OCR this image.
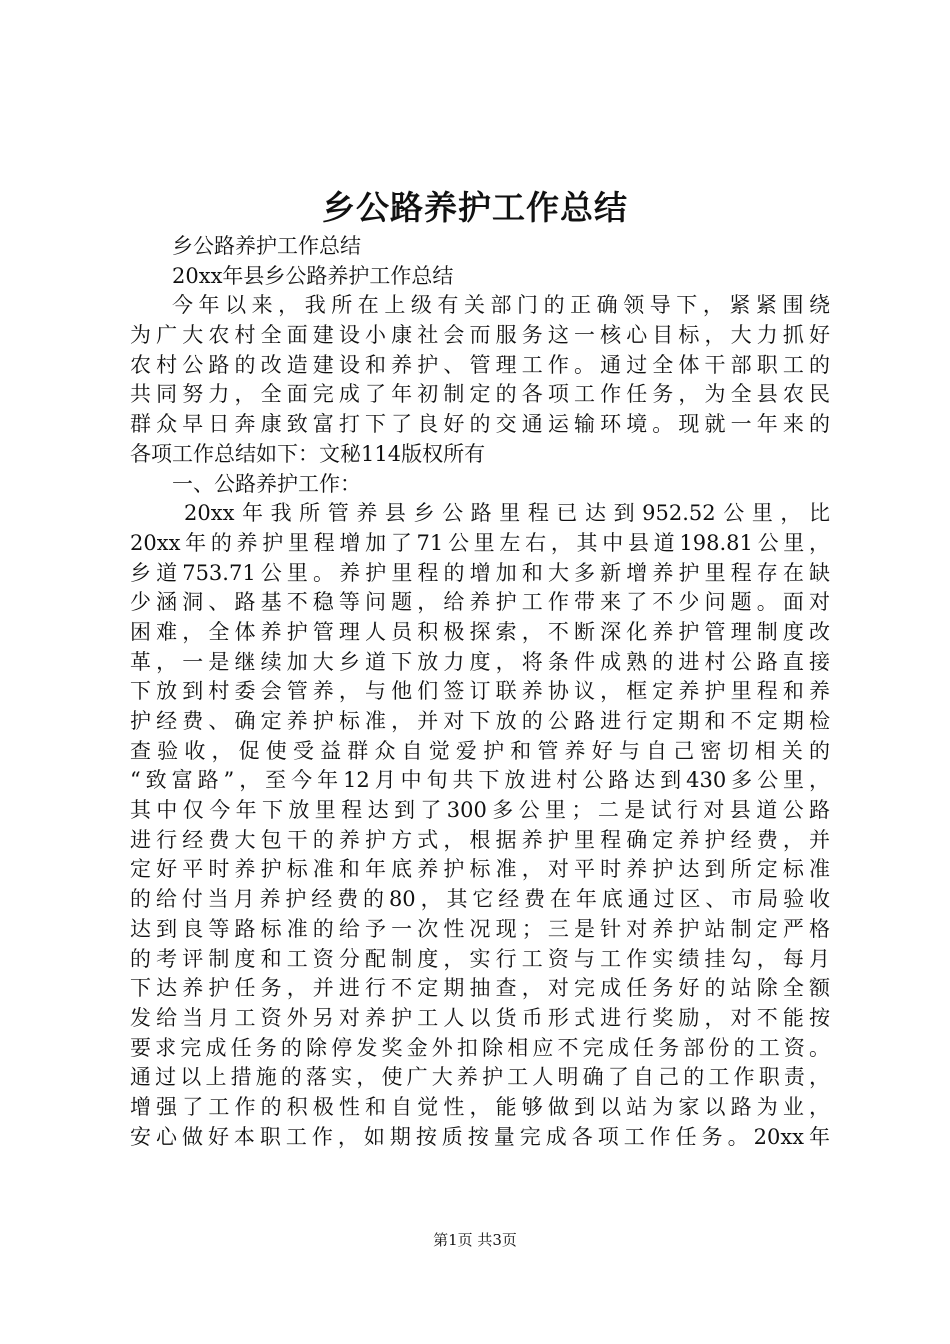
乡公路养护工作总结
乡公路养护工作总结
20xx年县乡公路养护工作总结
今年以来，我所在上级有关部门的正确领导下，紧紧围绕
为广大农村全面建设小康社会而服务这一核心目标，大力抓好
农村公路的改造建设和养护、管理工作。通过全体干部职工的
共同努力，全面完成了年初制定的各项工作任务，为全县农民
群众早日奔康致富打下了良好的交通运输环境。现就一年来的
各项工作总结如下：文秘114版权所有
一、公路养护工作：
20xx年我所管养县乡公路里程已达到952.52公里，比
20xx年的养护里程增加了71公里左右，其中县道198.81公里，
乡道753.71公里。养护里程的增加和大多新增养护里程存在缺
少涵洞、路基不稳等问题，给养护工作带来了不少问题。面对
困难，全体养护管理人员积极探索，不断深化养护管理制度改
革，一是继续加大乡道下放力度，将条件成熟的进村公路直接
下放到村委会管养，与他们签订联养协议，框定养护里程和养
护经费、确定养护标准，并对下放的公路进行定期和不定期检
查验收，促使受益群众自觉爱护和管养好与自己密切相关的
“致富路”，至今年12月中旬共下放进村公路达到430多公里，
其中仅今年下放里程达到了300多公里；二是试行对县道公路
进行经费大包干的养护方式，根据养护里程确定养护经费，并
定好平时养护标准和年底养护标准，对平时养护达到所定标准
的给付当月养护经费的80，其它经费在年底通过区、市局验收
达到良等路标准的给予一次性况现；三是针对养护站制定严格
的考评制度和工资分配制度，实行工资与工作实绩挂勾，每月
下达养护任务，并进行不定期抽查，对完成任务好的站除全额
发给当月工资外另对养护工人以货币形式进行奖励，对不能按
要求完成任务的除停发奖金外扣除相应不完成任务部份的工资。
通过以上措施的落实，使广大养护工人明确了自己的工作职责，
增强了工作的积极性和自觉性，能够做到以站为家以路为业，
安心做好本职工作，如期按质按量完成各项工作任务。20xx年
第1页 共3页
